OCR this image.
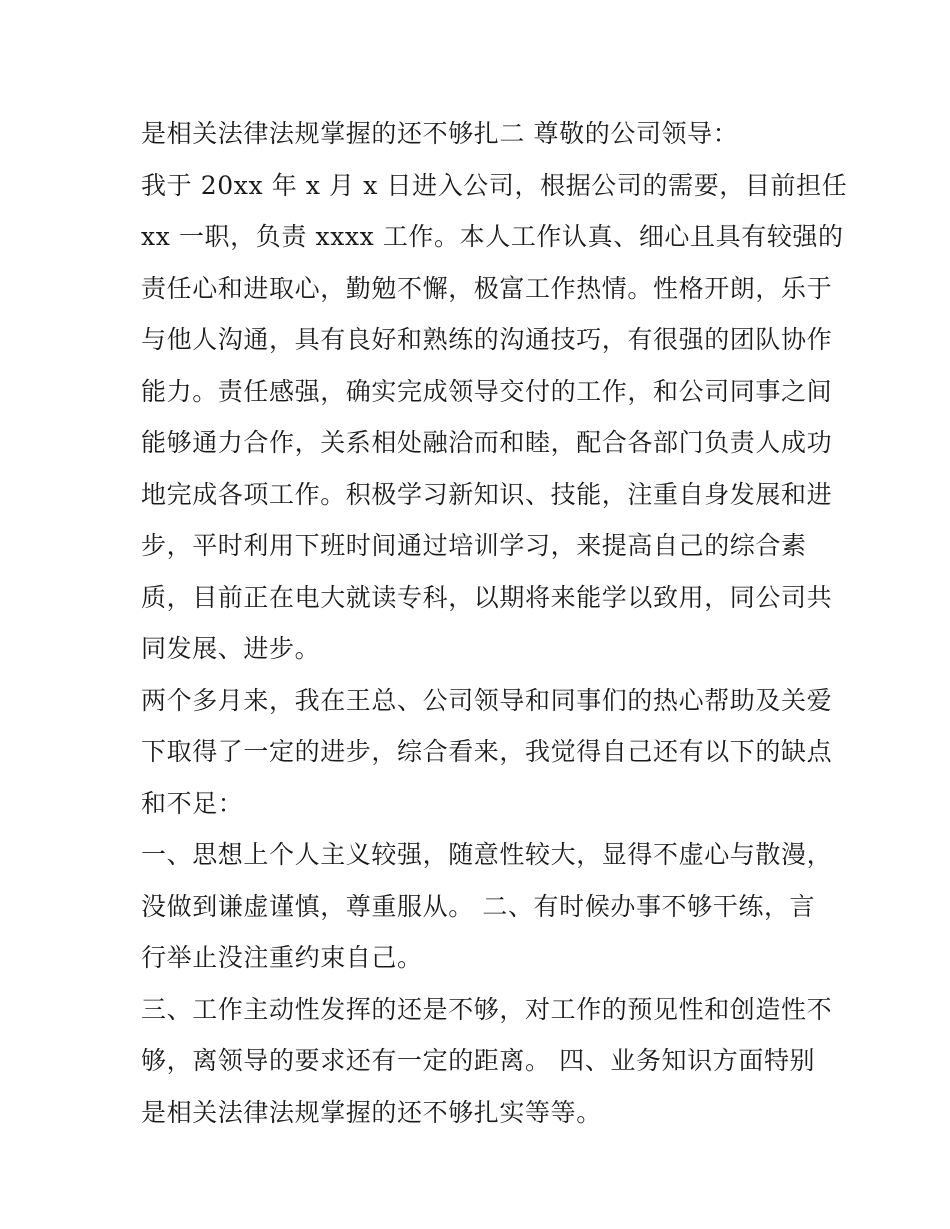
是相关法律法规掌握的还不够扎二 尊敬的公司领导：
我于 20xx 年 x 月 x 日进入公司，根据公司的需要，目前担任
xx 一职，负责 xxxx 工作。本人工作认真、细心且具有较强的
责任心和进取心，勤勉不懈，极富工作热情。性格开朗，乐于
与他人沟通，具有良好和熟练的沟通技巧，有很强的团队协作
能力。责任感强，确实完成领导交付的工作，和公司同事之间
能够通力合作，关系相处融洽而和睦，配合各部门负责人成功
地完成各项工作。积极学习新知识、技能，注重自身发展和进
步，平时利用下班时间通过培训学习，来提高自己的综合素
质，目前正在电大就读专科，以期将来能学以致用，同公司共
同发展、进步。
两个多月来，我在王总、公司领导和同事们的热心帮助及关爱
下取得了一定的进步，综合看来，我觉得自己还有以下的缺点
和不足：
一、思想上个人主义较强，随意性较大，显得不虚心与散漫，
没做到谦虚谨慎，尊重服从。 二、有时候办事不够干练，言
行举止没注重约束自己。
三、工作主动性发挥的还是不够，对工作的预见性和创造性不
够，离领导的要求还有一定的距离。 四、业务知识方面特别
是相关法律法规掌握的还不够扎实等等。
